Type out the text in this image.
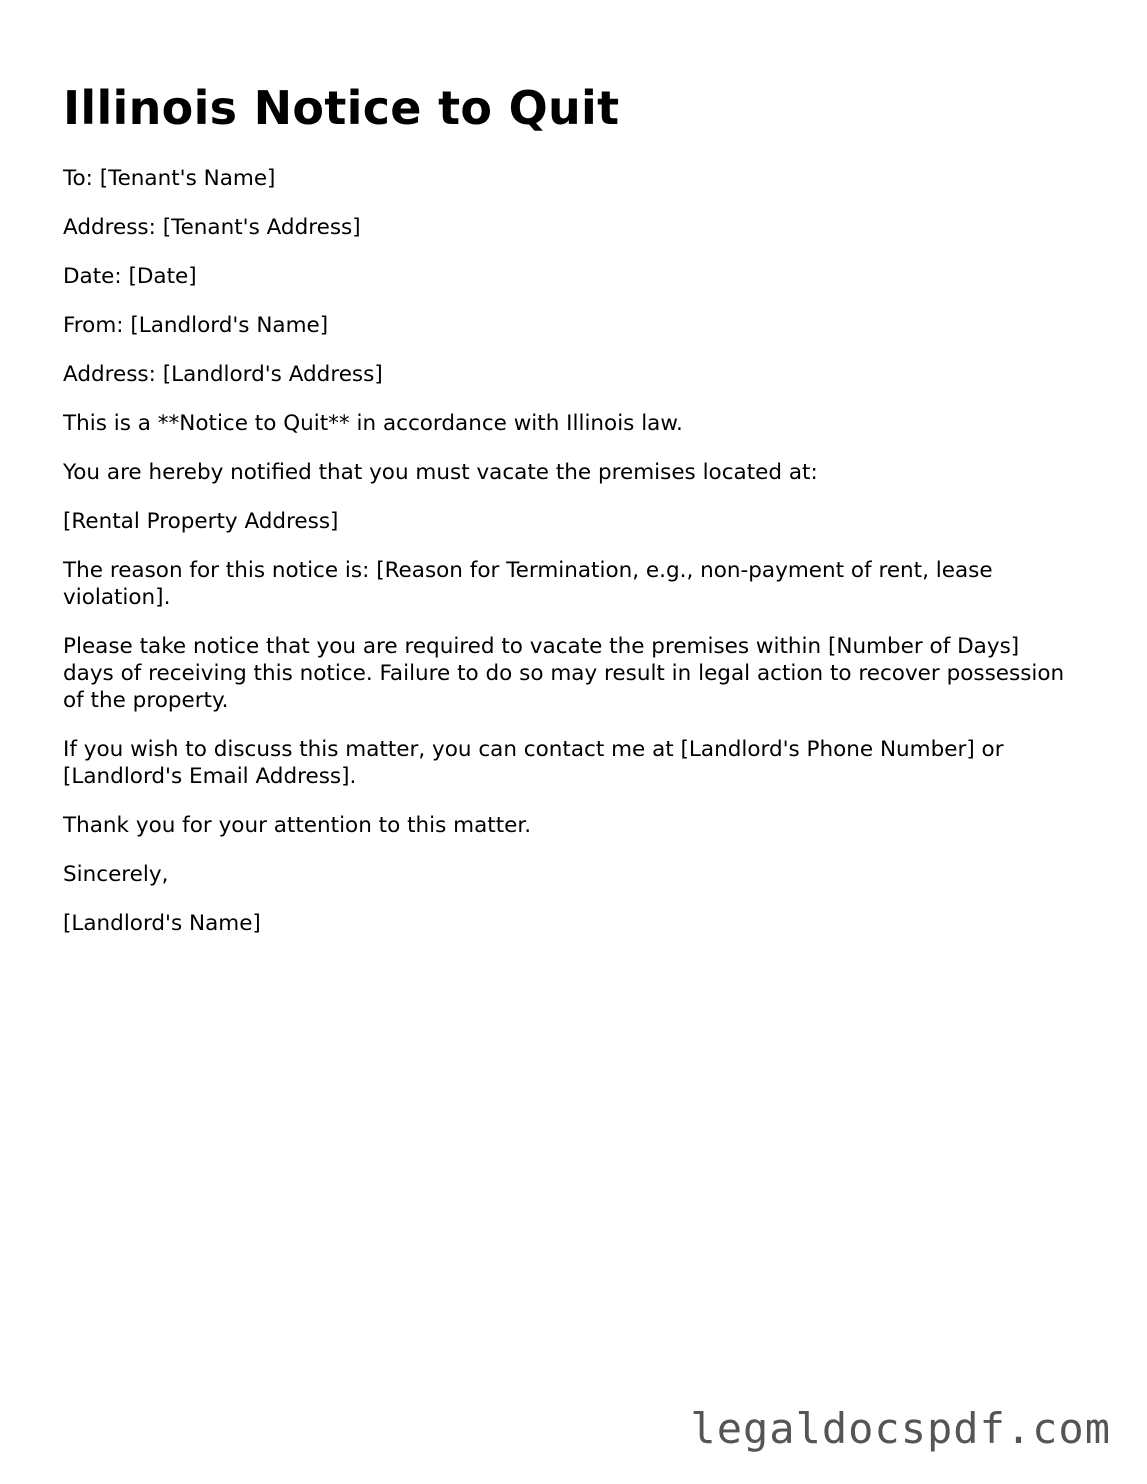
Illinois Notice to Quit

To: [Tenant's Name]

Address: [Tenant's Address]

Date: [Date]

From: [Landlord's Name]

Address: [Landlord's Address]

This is a **Notice to Quit** in accordance with Illinois law.

You are hereby notified that you must vacate the premises located at:

[Rental Property Address]

The reason for this notice is: [Reason for Termination, e.g., non-payment of rent, lease violation].

Please take notice that you are required to vacate the premises within [Number of Days] days of receiving this notice. Failure to do so may result in legal action to recover possession of the property.

If you wish to discuss this matter, you can contact me at [Landlord's Phone Number] or [Landlord's Email Address].

Thank you for your attention to this matter.

Sincerely,

[Landlord's Name]

legaldocspdf.com
